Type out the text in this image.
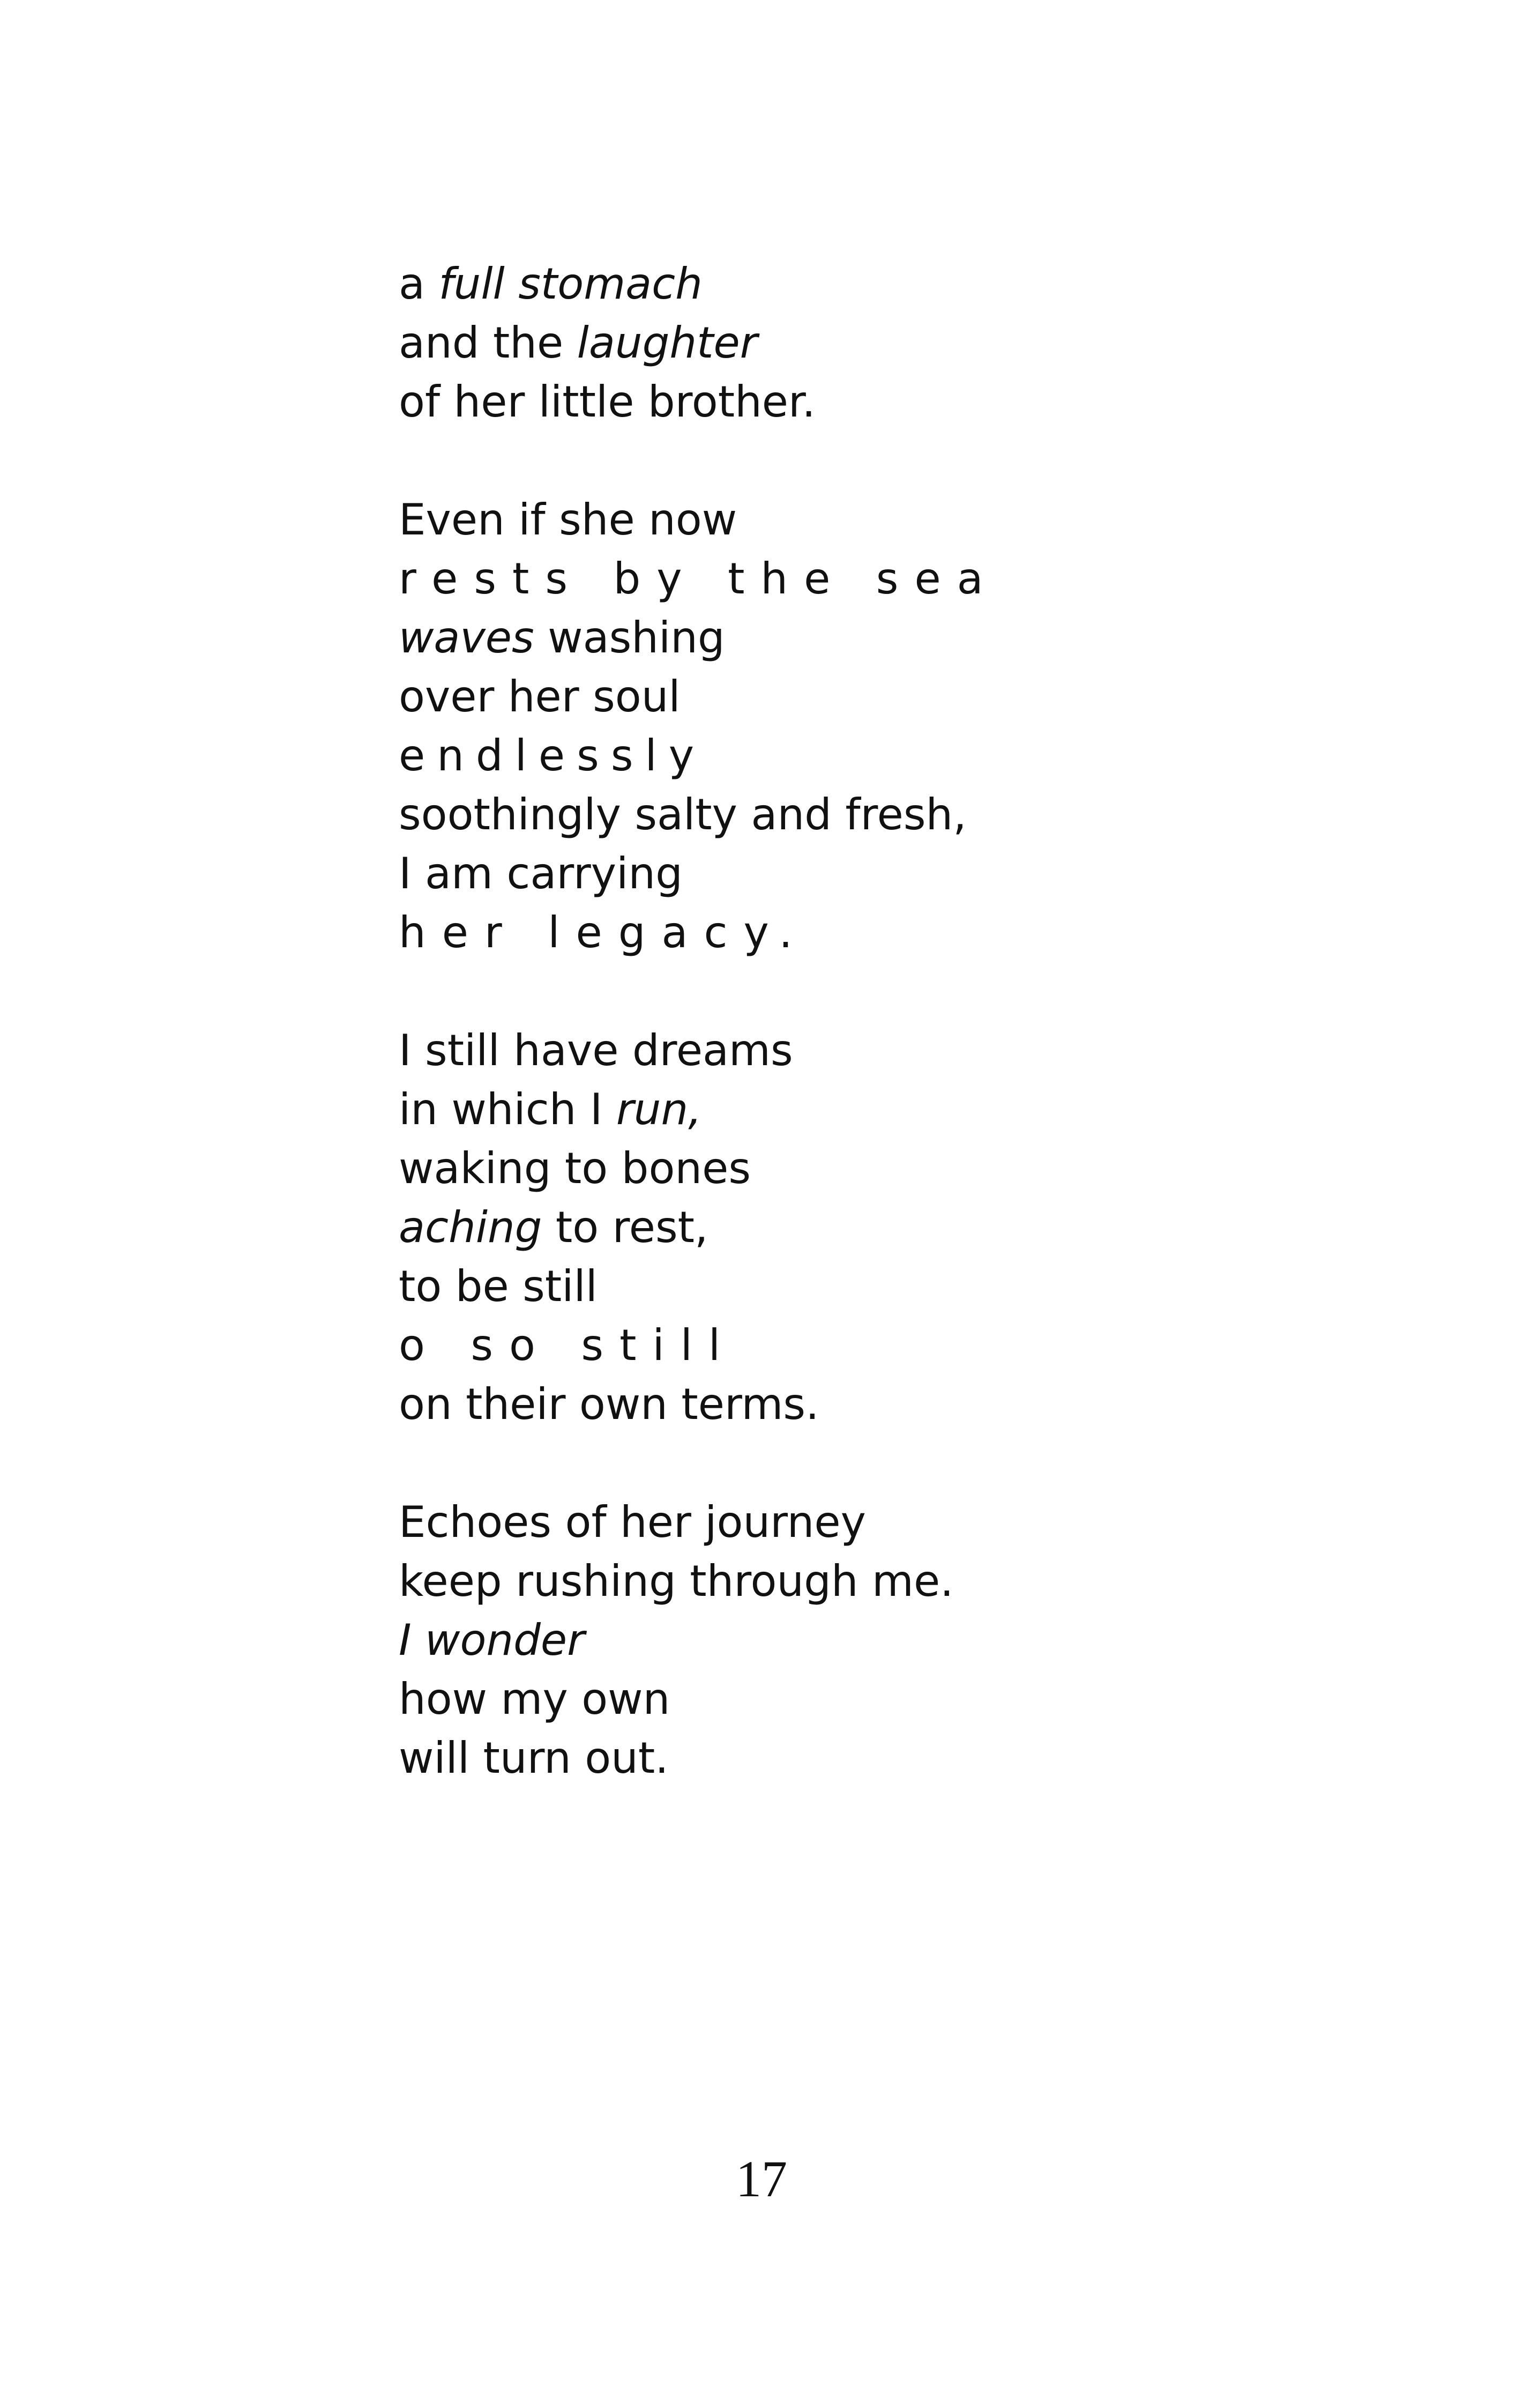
a full stomach
and the laughter
of her little brother.
Even if she now
rests by the sea
waves washing
over her soul
endlessly
soothingly salty and fresh,
I am carrying
her legacy.
I still have dreams
in which I run,
waking to bones
aching to rest,
to be still
o so still
on their own terms.
Echoes of her journey
keep rushing through me.
I wonder
how my own
will turn out.
17
